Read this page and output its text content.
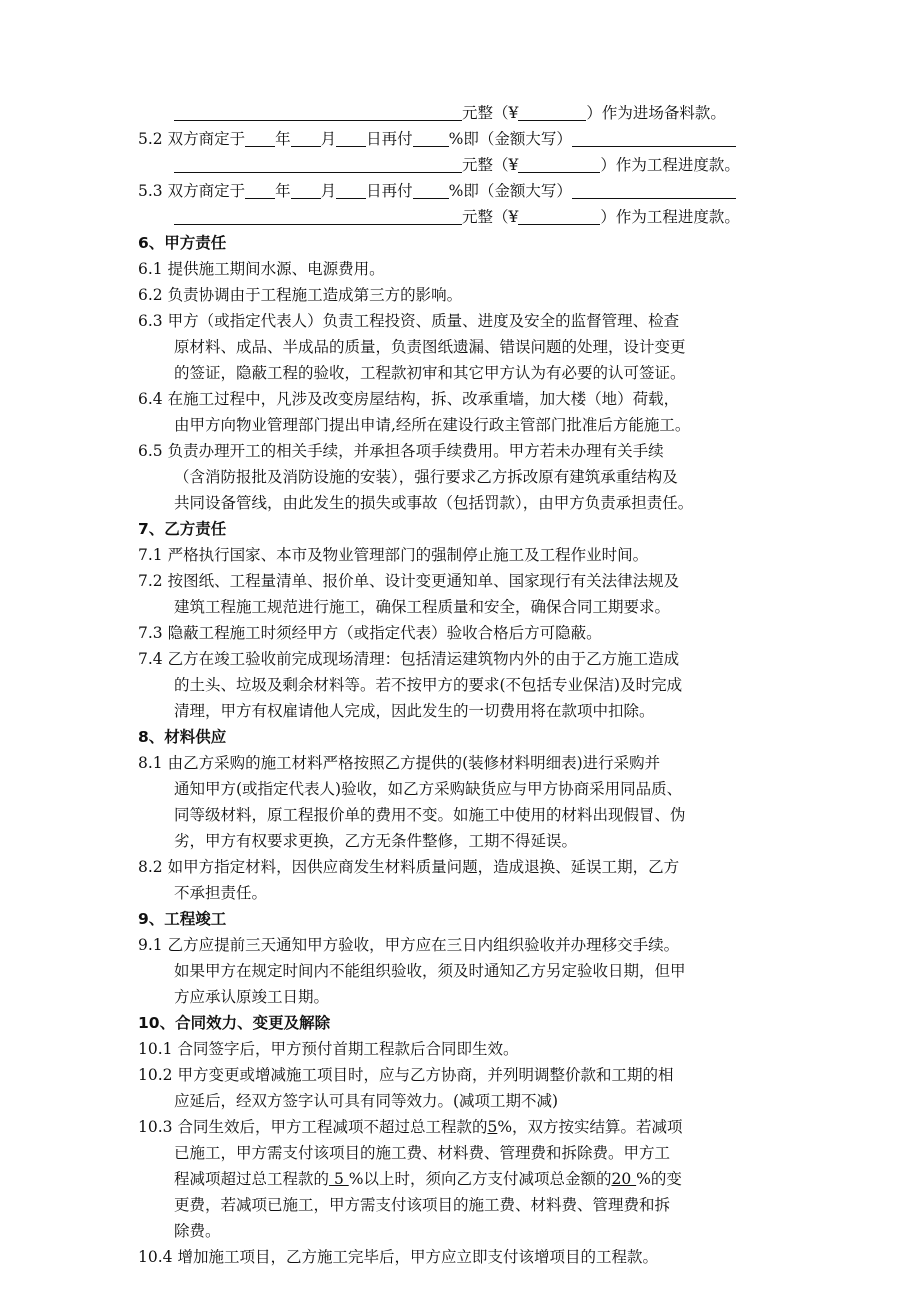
元整（¥	）作为进场备料款。
5.2 双方商定于 年 月 日再付 %即（金额大写）
元整（¥	）作为工程进度款。
5.3 双方商定于 年 月 日再付 %即（金额大写）
元整（¥	）作为工程进度款。
6、甲方责任
6.1 提供施工期间水源、电源费用。
6.2 负责协调由于工程施工造成第三方的影响。
6.3 甲方（或指定代表人）负责工程投资、质量、进度及安全的监督管理、检查
原材料、成品、半成品的质量，负责图纸遗漏、错误问题的处理，设计变更
的签证，隐蔽工程的验收，工程款初审和其它甲方认为有必要的认可签证。
6.4 在施工过程中，凡涉及改变房屋结构，拆、改承重墙，加大楼（地）荷载，
由甲方向物业管理部门提出申请,经所在建设行政主管部门批准后方能施工。
6.5 负责办理开工的相关手续，并承担各项手续费用。甲方若未办理有关手续
（含消防报批及消防设施的安装），强行要求乙方拆改原有建筑承重结构及
共同设备管线，由此发生的损失或事故（包括罚款），由甲方负责承担责任。
7、乙方责任
7.1 严格执行国家、本市及物业管理部门的强制停止施工及工程作业时间。
7.2 按图纸、工程量清单、报价单、设计变更通知单、国家现行有关法律法规及
建筑工程施工规范进行施工，确保工程质量和安全，确保合同工期要求。
7.3 隐蔽工程施工时须经甲方（或指定代表）验收合格后方可隐蔽。
7.4 乙方在竣工验收前完成现场清理：包括清运建筑物内外的由于乙方施工造成
的土头、垃圾及剩余材料等。若不按甲方的要求(不包括专业保洁)及时完成
清理，甲方有权雇请他人完成，因此发生的一切费用将在款项中扣除。
8、材料供应
8.1 由乙方采购的施工材料严格按照乙方提供的(装修材料明细表)进行采购并
通知甲方(或指定代表人)验收，如乙方采购缺货应与甲方协商采用同品质、
同等级材料，原工程报价单的费用不变。如施工中使用的材料出现假冒、伪
劣，甲方有权要求更换，乙方无条件整修，工期不得延误。
8.2 如甲方指定材料，因供应商发生材料质量问题，造成退换、延误工期，乙方
不承担责任。
9、工程竣工
9.1 乙方应提前三天通知甲方验收，甲方应在三日内组织验收并办理移交手续。
如果甲方在规定时间内不能组织验收，须及时通知乙方另定验收日期，但甲
方应承认原竣工日期。
10、合同效力、变更及解除
10.1 合同签字后，甲方预付首期工程款后合同即生效。
10.2 甲方变更或增减施工项目时，应与乙方协商，并列明调整价款和工期的相
应延后，经双方签字认可具有同等效力。(减项工期不减)
10.3 合同生效后，甲方工程减项不超过总工程款的5%，双方按实结算。若减项
已施工，甲方需支付该项目的施工费、材料费、管理费和拆除费。甲方工
程减项超过总工程款的 5 %以上时，须向乙方支付减项总金额的20 %的变
更费，若减项已施工，甲方需支付该项目的施工费、材料费、管理费和拆
除费。
10.4 增加施工项目，乙方施工完毕后，甲方应立即支付该增项目的工程款。
